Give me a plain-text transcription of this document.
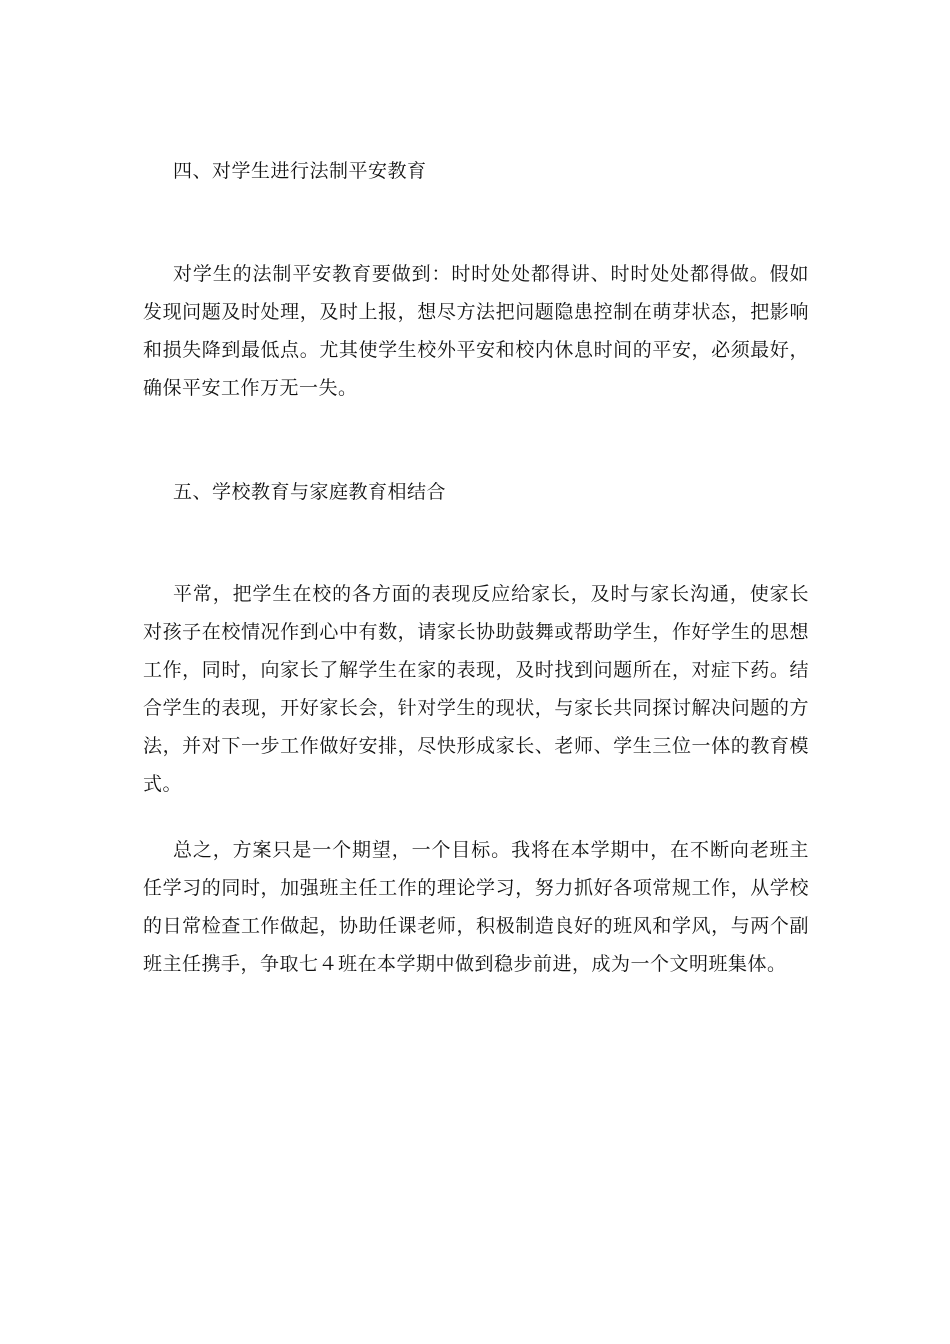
四、对学生进行法制平安教育

对学生的法制平安教育要做到：时时处处都得讲、时时处处都得做。假如发现问题及时处理，及时上报，想尽方法把问题隐患控制在萌芽状态，把影响和损失降到最低点。尤其使学生校外平安和校内休息时间的平安，必须最好，确保平安工作万无一失。

五、学校教育与家庭教育相结合

平常，把学生在校的各方面的表现反应给家长，及时与家长沟通，使家长对孩子在校情况作到心中有数，请家长协助鼓舞或帮助学生，作好学生的思想工作，同时，向家长了解学生在家的表现，及时找到问题所在，对症下药。结合学生的表现，开好家长会，针对学生的现状，与家长共同探讨解决问题的方法，并对下一步工作做好安排，尽快形成家长、老师、学生三位一体的教育模式。

总之，方案只是一个期望，一个目标。我将在本学期中，在不断向老班主任学习的同时，加强班主任工作的理论学习，努力抓好各项常规工作，从学校的日常检查工作做起，协助任课老师，积极制造良好的班风和学风，与两个副班主任携手，争取七４班在本学期中做到稳步前进，成为一个文明班集体。
